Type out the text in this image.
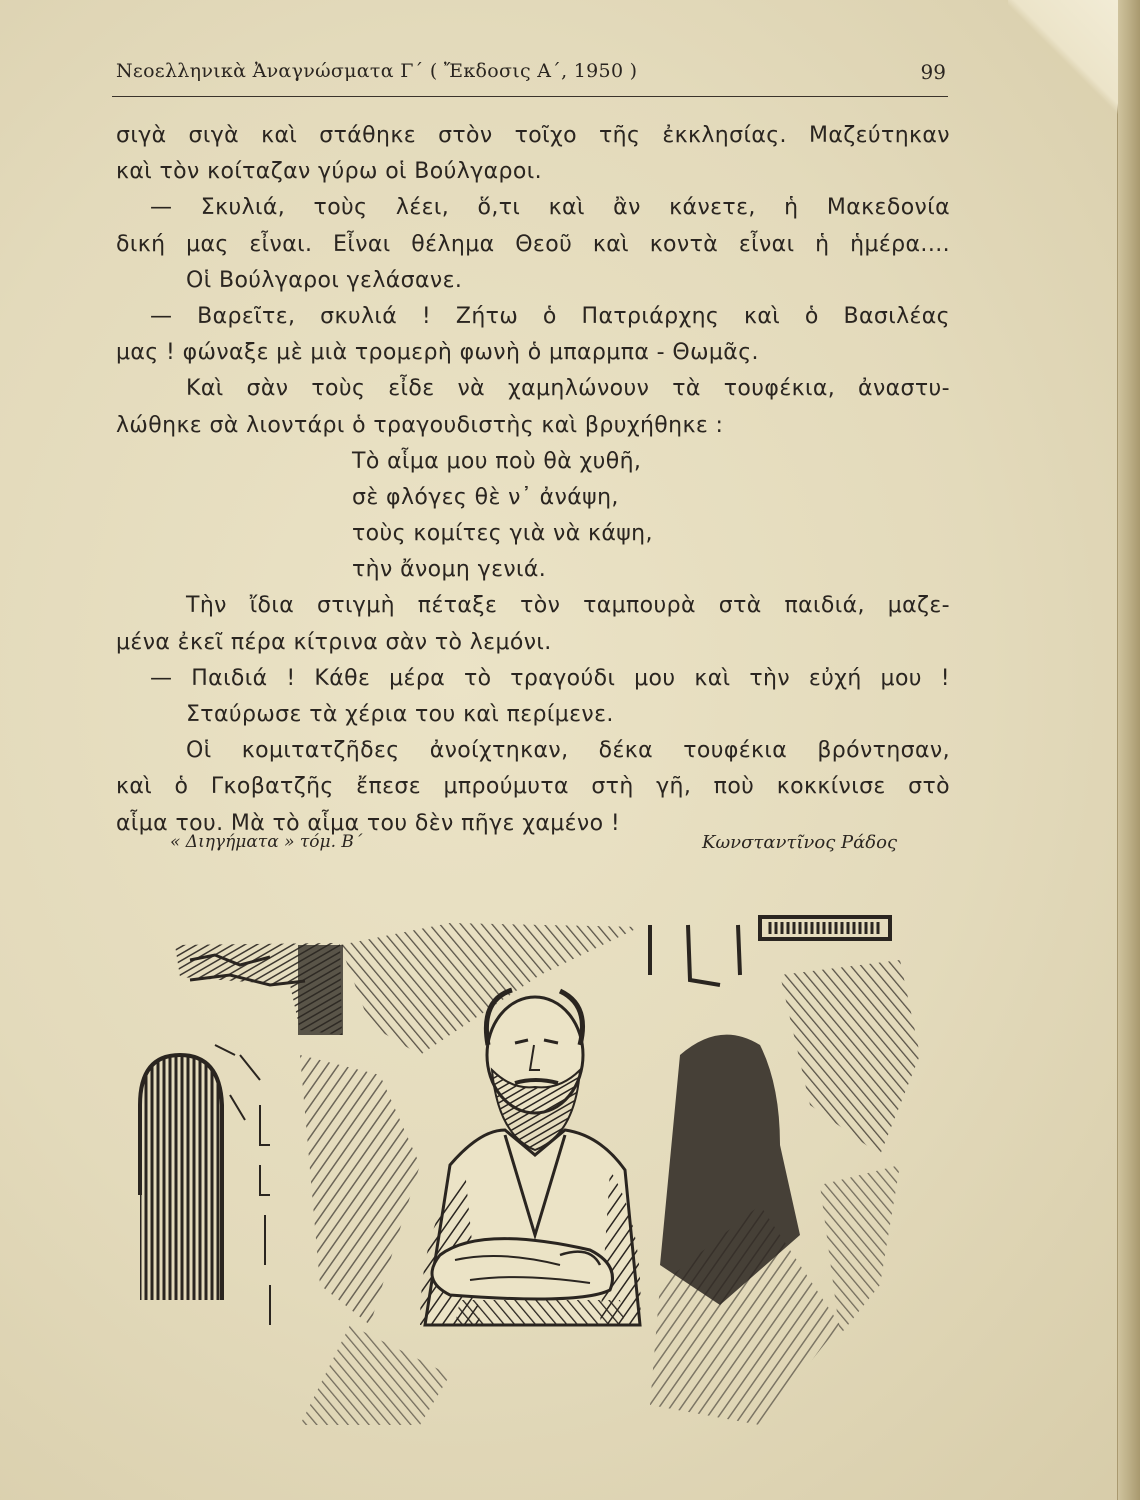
Νεοελληνικὰ Ἀναγνώσματα Γ΄ ( Ἔκδοσις Α΄, 1950 )	99
σιγὰ σιγὰ καὶ στάθηκε στὸν τοῖχο τῆς ἐκκλησίας. Μαζεύτηκαν
καὶ τὸν κοίταζαν γύρω οἱ Βούλγαροι.
— Σκυλιά, τοὺς λέει, ὅ,τι καὶ ἂν κάνετε, ἡ Μακεδονία
δική μας εἶναι. Εἶναι θέλημα Θεοῦ καὶ κοντὰ εἶναι ἡ ἡμέρα....
Οἱ Βούλγαροι γελάσανε.
— Βαρεῖτε, σκυλιά ! Ζήτω ὁ Πατριάρχης καὶ ὁ Βασιλέας
μας ! φώναξε μὲ μιὰ τρομερὴ φωνὴ ὁ μπαρμπα - Θωμᾶς.
Καὶ σὰν τοὺς εἶδε νὰ χαμηλώνουν τὰ τουφέκια, ἀναστυ-
λώθηκε σὰ λιοντάρι ὁ τραγουδιστὴς καὶ βρυχήθηκε :
Τὸ αἷμα μου ποὺ θὰ χυθῆ,
σὲ φλόγες θὲ ν᾽ ἀνάψη,
τοὺς κομίτες γιὰ νὰ κάψη,
τὴν ἄνομη γενιά.
Τὴν ἴδια στιγμὴ πέταξε τὸν ταμπουρὰ στὰ παιδιά, μαζε-
μένα ἐκεῖ πέρα κίτρινα σὰν τὸ λεμόνι.
— Παιδιά ! Κάθε μέρα τὸ τραγούδι μου καὶ τὴν εὐχή μου !
Σταύρωσε τὰ χέρια του καὶ περίμενε.
Οἱ κομιτατζῆδες ἀνοίχτηκαν, δέκα τουφέκια βρόντησαν,
καὶ ὁ Γκοβατζῆς ἔπεσε μπρούμυτα στὴ γῆ, ποὺ κοκκίνισε στὸ
αἷμα του. Μὰ τὸ αἷμα του δὲν πῆγε χαμένο !
« Διηγήματα » τόμ. Β΄	Κωνσταντῖνος Ράδος
